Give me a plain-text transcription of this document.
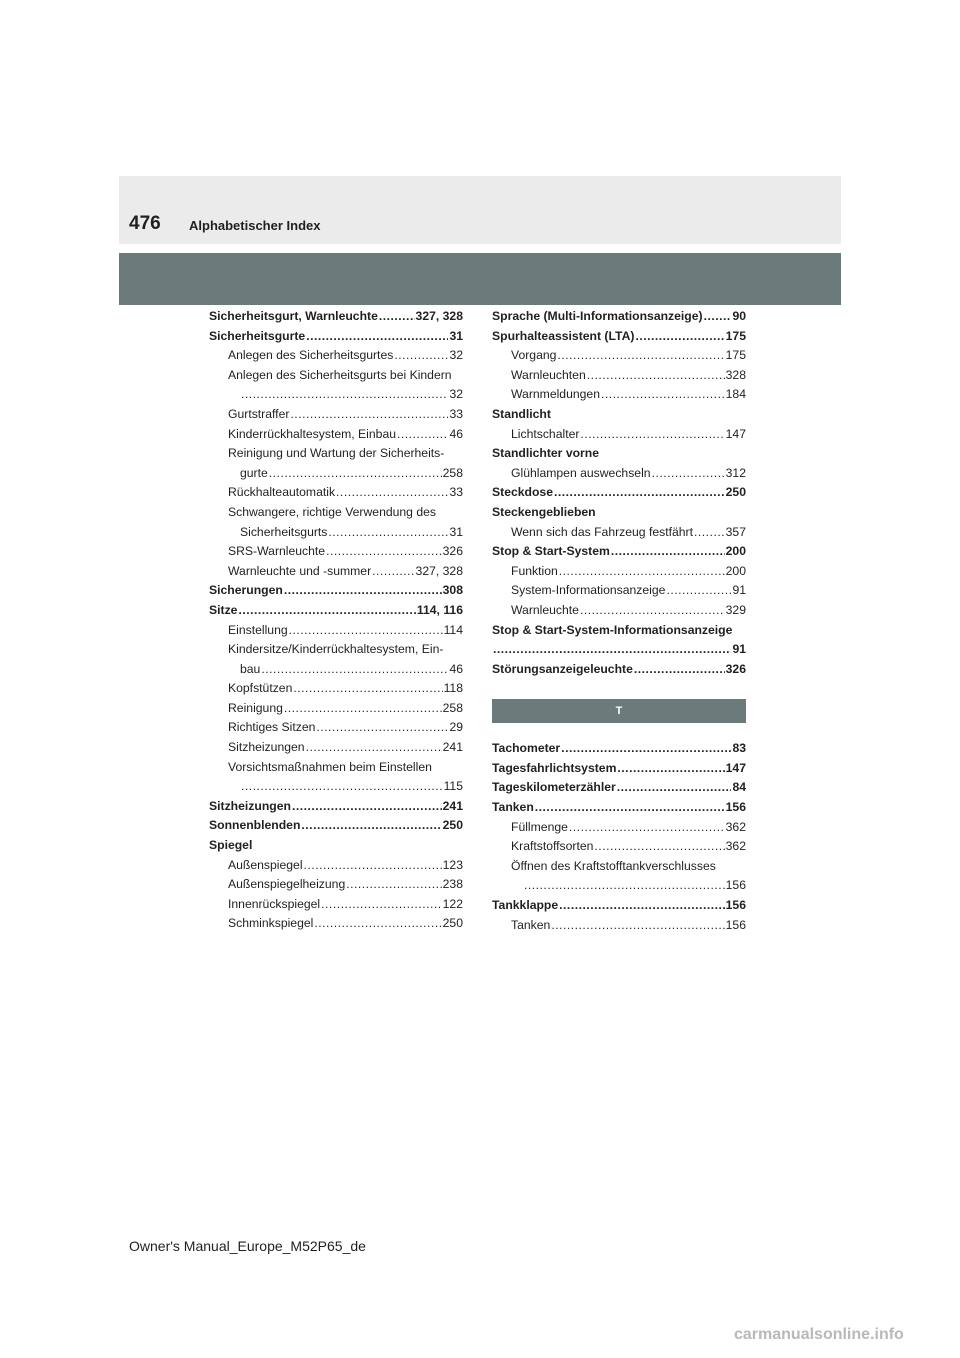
476 Alphabetischer Index
Sicherheitsgurt, Warnleuchte .....	327, 328
Sicherheitsgurte .....	31
Anlegen des Sicherheitsgurtes .....	32
Anlegen des Sicherheitsgurts bei Kindern
.....
32
Gurtstraffer .....	33
Kinderrückhaltesystem, Einbau .....	46
Reinigung und Wartung der Sicherheits-
gurte .....	258
Rückhalteautomatik .....	33
Schwangere, richtige Verwendung des
Sicherheitsgurts .....	31
SRS-Warnleuchte .....	326
Warnleuchte und -summer .....	327, 328
Sicherungen .....	308
Sitze .....	114, 116
Einstellung .....	114
Kindersitze/Kinderrückhaltesystem, Ein-
bau .....	46
Kopfstützen .....	118
Reinigung .....	258
Richtiges Sitzen .....	29
Sitzheizungen .....	241
Vorsichtsmaßnahmen beim Einstellen
.....
115
Sitzheizungen .....	241
Sonnenblenden .....	250
Spiegel
Außenspiegel .....	123
Außenspiegelheizung .....	238
Innenrückspiegel .....	122
Schminkspiegel .....	250
Sprache (Multi-Informationsanzeige) ..... 90
Spurhalteassistent (LTA) .....	175
Vorgang .....	175
Warnleuchten .....	328
Warnmeldungen .....	184
Standlicht
Lichtschalter .....	147
Standlichter vorne
Glühlampen auswechseln .....	312
Steckdose .....	250
Steckengeblieben
Wenn sich das Fahrzeug festfährt .....	357
Stop & Start-System .....	200
Funktion .....	200
System-Informationsanzeige .....	91
Warnleuchte .....	329
Stop & Start-System-Informationsanzeige
.....
91
Störungsanzeigeleuchte .....	326
T
Tachometer .....	83
Tagesfahrlichtsystem .....	147
Tageskilometerzähler .....	84
Tanken .....	156
Füllmenge .....	362
Kraftstoffsorten .....	362
Öffnen des Kraftstofftankverschlusses
.....
156
Tankklappe .....	156
Tanken .....	156
Owner's Manual_Europe_M52P65_de
carmanualsonline.info
